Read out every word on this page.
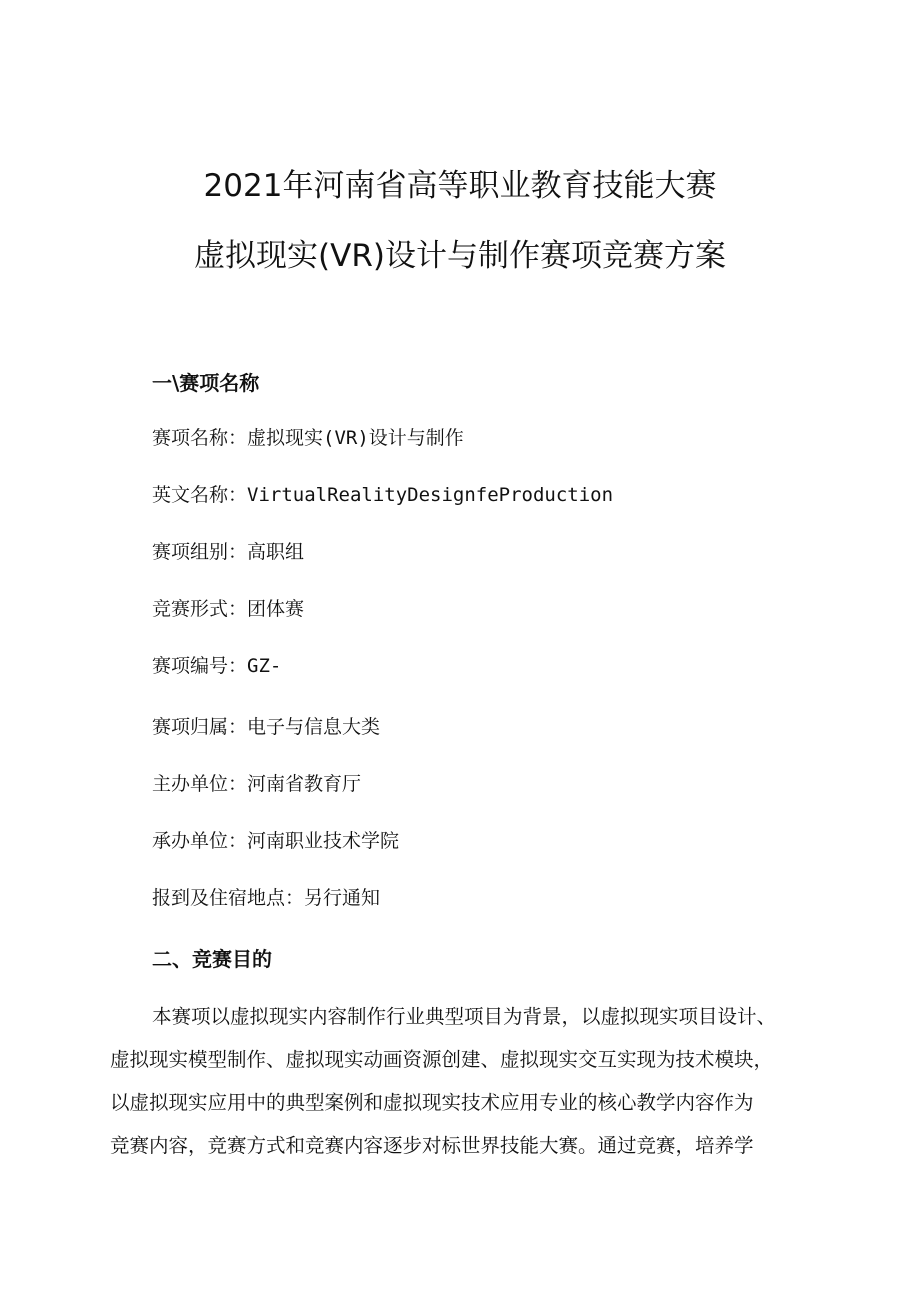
2021年河南省高等职业教育技能大赛
虚拟现实(VR)设计与制作赛项竞赛方案
一\赛项名称
赛项名称：虚拟现实(VR)设计与制作
英文名称：VirtualRealityDesignfeProduction
赛项组别：高职组
竞赛形式：团体赛
赛项编号：GZ-
赛项归属：电子与信息大类
主办单位：河南省教育厅
承办单位：河南职业技术学院
报到及住宿地点：另行通知
二、竞赛目的
本赛项以虚拟现实内容制作行业典型项目为背景，以虚拟现实项目设计、
虚拟现实模型制作、虚拟现实动画资源创建、虚拟现实交互实现为技术模块，
以虚拟现实应用中的典型案例和虚拟现实技术应用专业的核心教学内容作为
竞赛内容，竞赛方式和竞赛内容逐步对标世界技能大赛。通过竞赛，培养学
